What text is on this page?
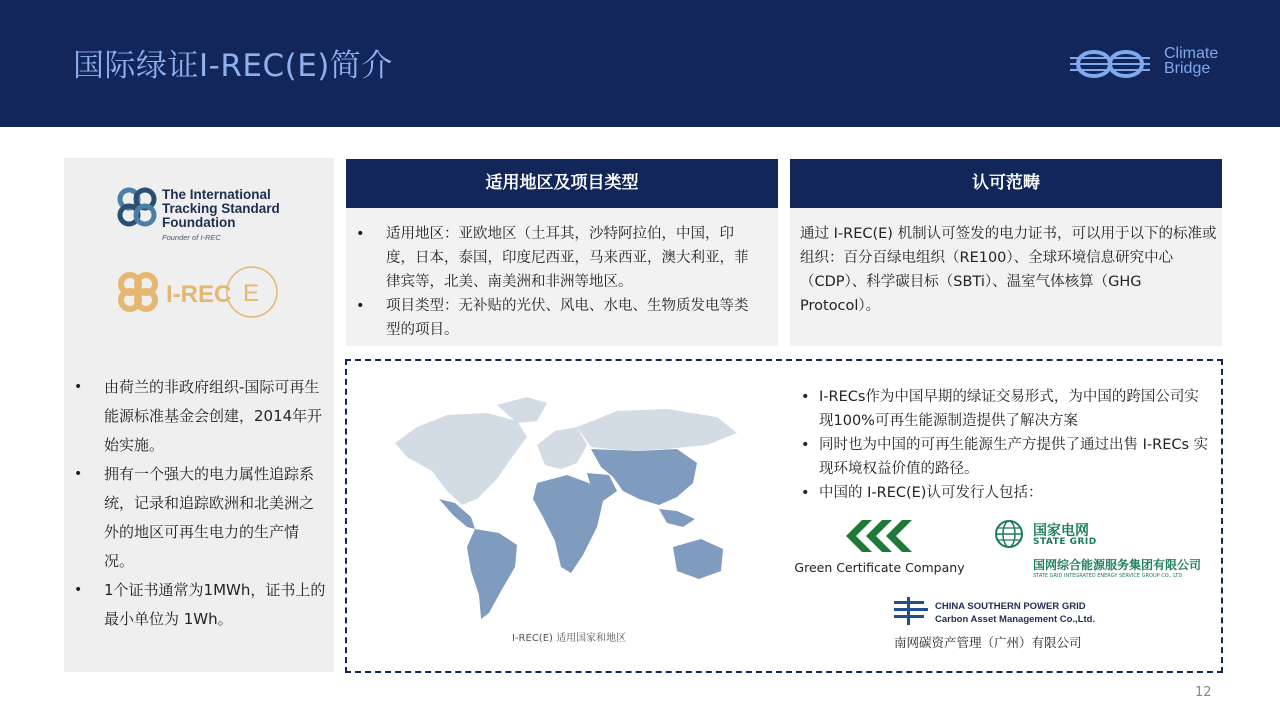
国际绿证I-REC(E)简介	Climate
Bridge
The International
Tracking Standard
Foundation
Founder of I-REC
I-REC E
• 由荷兰的非政府组织-国际可再生能源标准基金会创建，2014年开始实施。
• 拥有一个强大的电力属性追踪系统，记录和追踪欧洲和北美洲之外的地区可再生电力的生产情况。
• 1个证书通常为1MWh，证书上的最小单位为 1Wh。
适用地区及项目类型
• 适用地区：亚欧地区（土耳其，沙特阿拉伯，中国，印度，日本，泰国，印度尼西亚，马来西亚，澳大利亚，菲律宾等，北美、南美洲和非洲等地区。
• 项目类型：无补贴的光伏、风电、水电、生物质发电等类型的项目。
认可范畴
通过 I-REC(E) 机制认可签发的电力证书，可以用于以下的标准或组织：百分百绿电组织（RE100）、全球环境信息研究中心（CDP）、科学碳目标（SBTi）、温室气体核算（GHG Protocol）。
I-REC(E) 适用国家和地区
• I-RECs作为中国早期的绿证交易形式，为中国的跨国公司实现100%可再生能源制造提供了解决方案
• 同时也为中国的可再生能源生产方提供了通过出售 I-RECs 实现环境权益价值的路径。
• 中国的 I-REC(E)认可发行人包括：
Green Certificate Company
国家电网
STATE GRID
国网综合能源服务集团有限公司
STATE GRID INTEGRATED ENERGY SERVICE GROUP CO., LTD
CHINA SOUTHERN POWER GRID
Carbon Asset Management Co.,Ltd.
南网碳资产管理（广州）有限公司
12
